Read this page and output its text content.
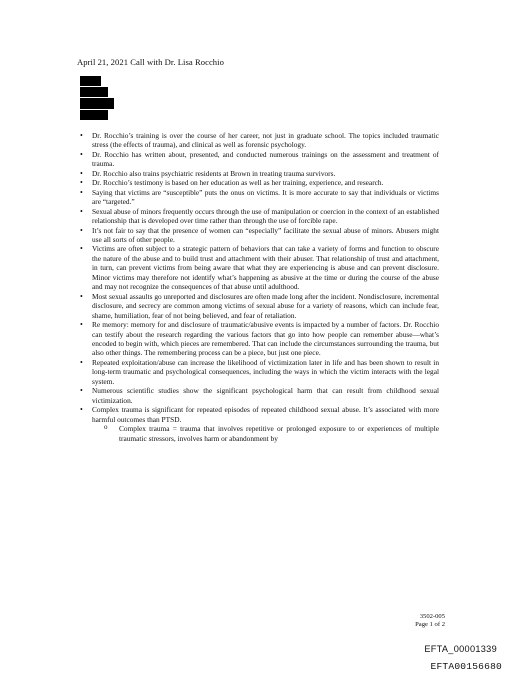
April 21, 2021 Call with Dr. Lisa Rocchio
• Dr. Rocchio’s training is over the course of her career, not just in graduate school. The topics included traumatic stress (the effects of trauma), and clinical as well as forensic psychology.
• Dr. Rocchio has written about, presented, and conducted numerous trainings on the assessment and treatment of trauma.
• Dr. Rocchio also trains psychiatric residents at Brown in treating trauma survivors.
• Dr. Rocchio’s testimony is based on her education as well as her training, experience, and research.
• Saying that victims are “susceptible” puts the onus on victims. It is more accurate to say that individuals or victims are “targeted.”
• Sexual abuse of minors frequently occurs through the use of manipulation or coercion in the context of an established relationship that is developed over time rather than through the use of forcible rape.
• It’s not fair to say that the presence of women can “especially” facilitate the sexual abuse of minors. Abusers might use all sorts of other people.
• Victims are often subject to a strategic pattern of behaviors that can take a variety of forms and function to obscure the nature of the abuse and to build trust and attachment with their abuser. That relationship of trust and attachment, in turn, can prevent victims from being aware that what they are experiencing is abuse and can prevent disclosure. Minor victims may therefore not identify what’s happening as abusive at the time or during the course of the abuse and may not recognize the consequences of that abuse until adulthood.
• Most sexual assaults go unreported and disclosures are often made long after the incident. Nondisclosure, incremental disclosure, and secrecy are common among victims of sexual abuse for a variety of reasons, which can include fear, shame, humiliation, fear of not being believed, and fear of retaliation.
• Re memory: memory for and disclosure of traumatic/abusive events is impacted by a number of factors. Dr. Rocchio can testify about the research regarding the various factors that go into how people can remember abuse—what’s encoded to begin with, which pieces are remembered. That can include the circumstances surrounding the trauma, but also other things. The remembering process can be a piece, but just one piece.
• Repeated exploitation/abuse can increase the likelihood of victimization later in life and has been shown to result in long-term traumatic and psychological consequences, including the ways in which the victim interacts with the legal system.
• Numerous scientific studies show the significant psychological harm that can result from childhood sexual victimization.
• Complex trauma is significant for repeated episodes of repeated childhood sexual abuse. It’s associated with more harmful outcomes than PTSD.
o Complex trauma = trauma that involves repetitive or prolonged exposure to or experiences of multiple traumatic stressors, involves harm or abandonment by
3502-005
Page 1 of 2
EFTA_00001339
EFTA00156680
